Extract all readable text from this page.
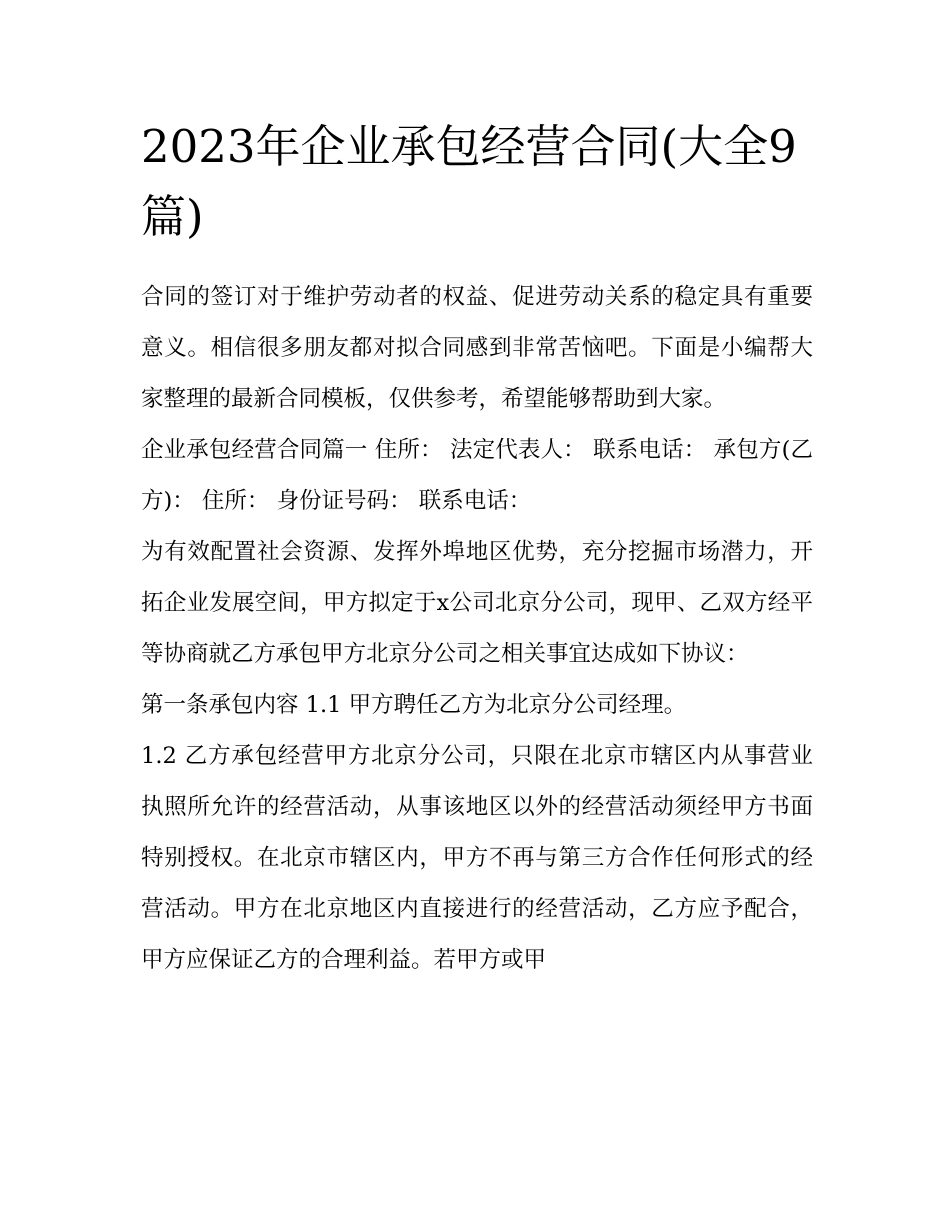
2023年企业承包经营合同(大全9篇)

合同的签订对于维护劳动者的权益、促进劳动关系的稳定具有重要意义。相信很多朋友都对拟合同感到非常苦恼吧。下面是小编帮大家整理的最新合同模板，仅供参考，希望能够帮助到大家。

企业承包经营合同篇一 住所： 法定代表人： 联系电话： 承包方(乙方)： 住所： 身份证号码： 联系电话：

为有效配置社会资源、发挥外埠地区优势，充分挖掘市场潜力，开拓企业发展空间，甲方拟定于x公司北京分公司，现甲、乙双方经平等协商就乙方承包甲方北京分公司之相关事宜达成如下协议：

第一条承包内容 1.1 甲方聘任乙方为北京分公司经理。

1.2 乙方承包经营甲方北京分公司，只限在北京市辖区内从事营业执照所允许的经营活动，从事该地区以外的经营活动须经甲方书面特别授权。在北京市辖区内，甲方不再与第三方合作任何形式的经营活动。甲方在北京地区内直接进行的经营活动，乙方应予配合，甲方应保证乙方的合理利益。若甲方或甲
